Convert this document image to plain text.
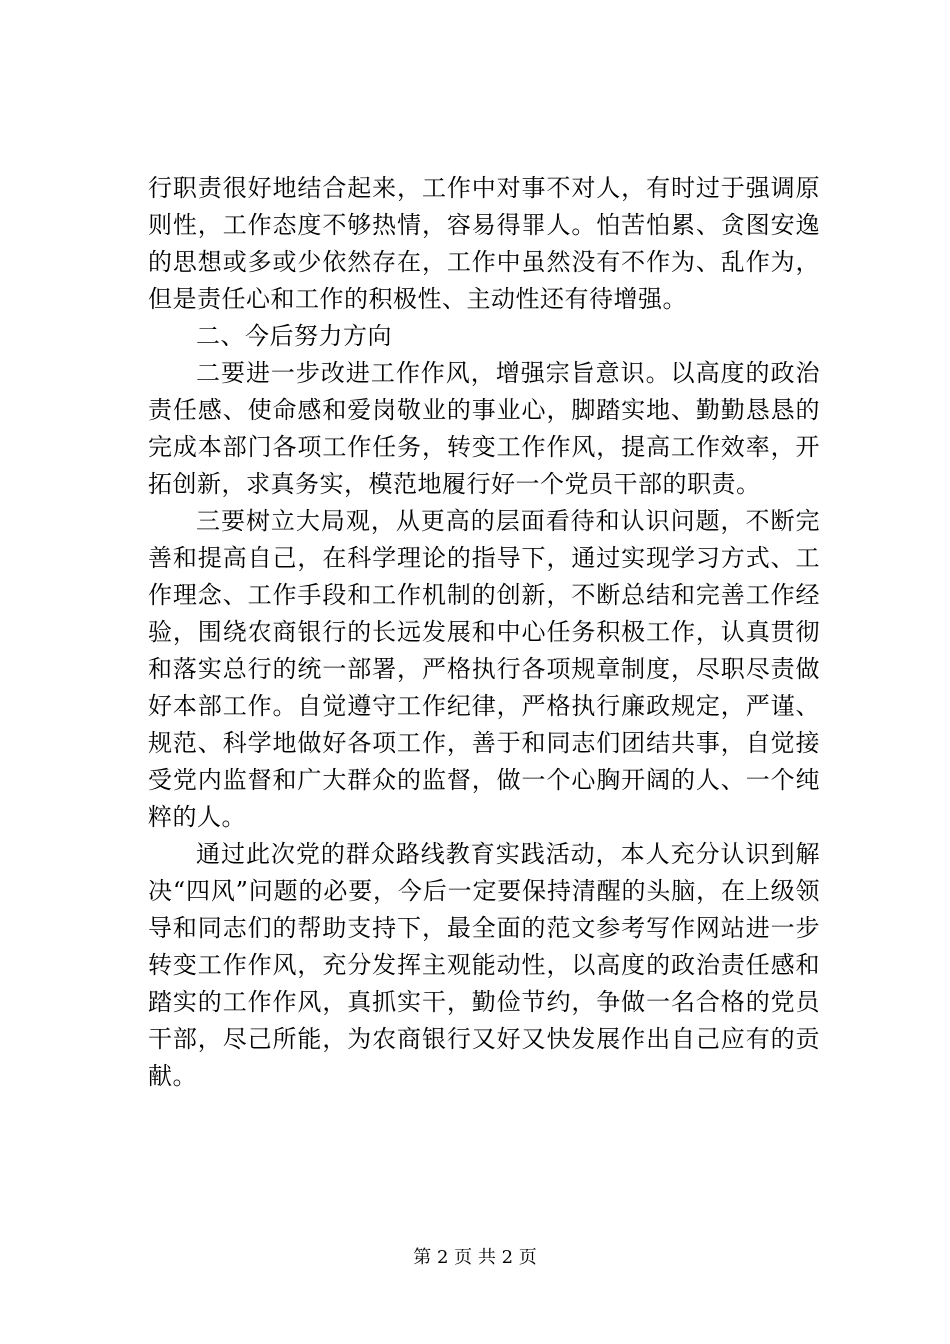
行职责很好地结合起来，工作中对事不对人，有时过于强调原则性，工作态度不够热情，容易得罪人。怕苦怕累、贪图安逸的思想或多或少依然存在，工作中虽然没有不作为、乱作为，但是责任心和工作的积极性、主动性还有待增强。

二、今后努力方向

二要进一步改进工作作风，增强宗旨意识。以高度的政治责任感、使命感和爱岗敬业的事业心，脚踏实地、勤勤恳恳的完成本部门各项工作任务，转变工作作风，提高工作效率，开拓创新，求真务实，模范地履行好一个党员干部的职责。

三要树立大局观，从更高的层面看待和认识问题，不断完善和提高自己，在科学理论的指导下，通过实现学习方式、工作理念、工作手段和工作机制的创新，不断总结和完善工作经验，围绕农商银行的长远发展和中心任务积极工作，认真贯彻和落实总行的统一部署，严格执行各项规章制度，尽职尽责做好本部工作。自觉遵守工作纪律，严格执行廉政规定，严谨、规范、科学地做好各项工作，善于和同志们团结共事，自觉接受党内监督和广大群众的监督，做一个心胸开阔的人、一个纯粹的人。

通过此次党的群众路线教育实践活动，本人充分认识到解决“四风”问题的必要，今后一定要保持清醒的头脑，在上级领导和同志们的帮助支持下，最全面的范文参考写作网站进一步转变工作作风，充分发挥主观能动性，以高度的政治责任感和踏实的工作作风，真抓实干，勤俭节约，争做一名合格的党员干部，尽己所能，为农商银行又好又快发展作出自己应有的贡献。

第 2 页 共 2 页
